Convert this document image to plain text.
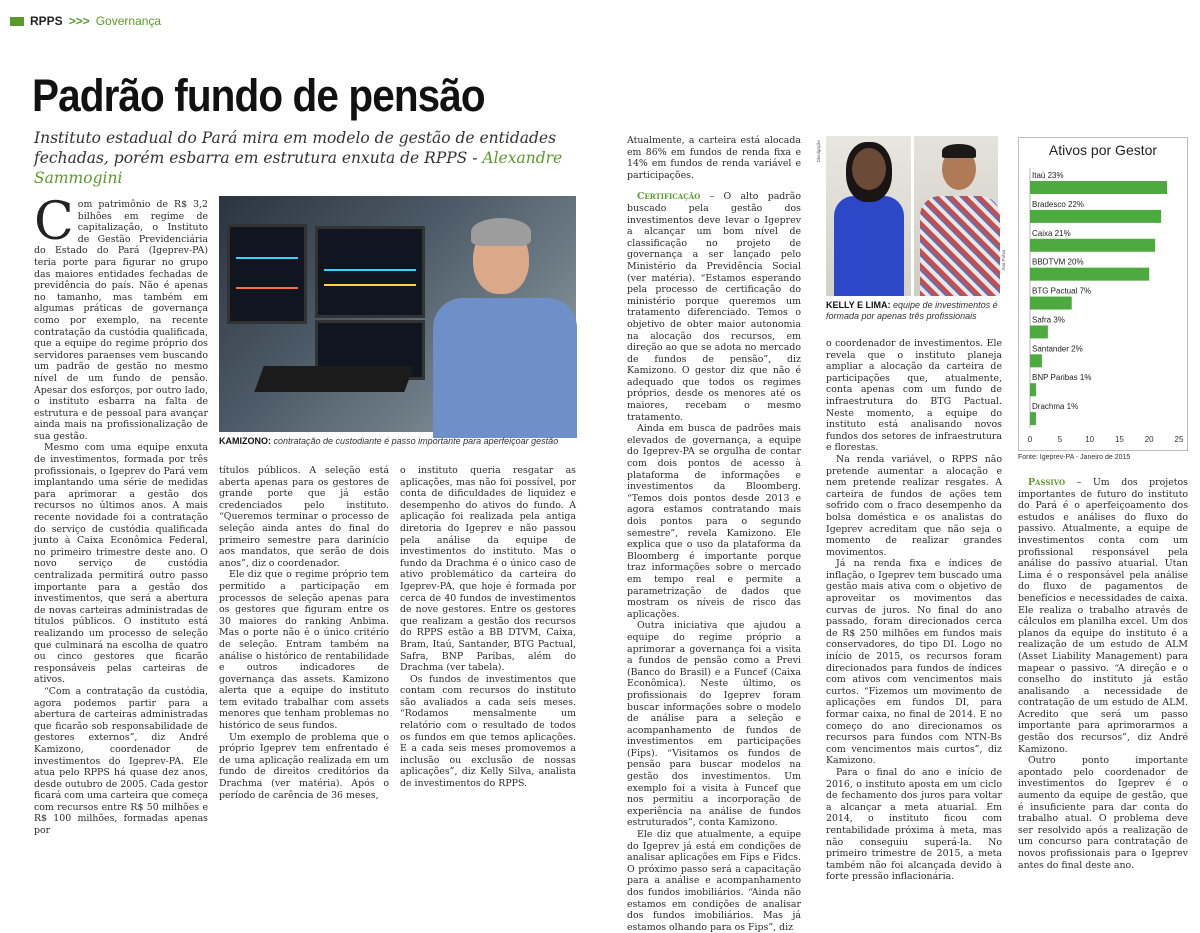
RPPS >>> Governança
Padrão fundo de pensão
Instituto estadual do Pará mira em modelo de gestão de entidades fechadas, porém esbarra em estrutura enxuta de RPPS - Alexandre Sammogini
C om patrimônio de R$ 3,2 bilhões em regime de capitalização, o Instituto de Gestão Previdenciária do Estado do Pará (Igeprev-PA) teria porte para figurar no grupo das maiores entidades fechadas de previdência do país. Não é apenas no tamanho, mas também em algumas práticas de governança como por exemplo, na recente contratação da custódia qualificada, que a equipe do regime próprio dos servidores paraenses vem buscando um padrão de gestão no mesmo nível de um fundo de pensão. Apesar dos esforços, por outro lado, o instituto esbarra na falta de estrutura e de pessoal para avançar ainda mais na profissionalização de sua gestão.

Mesmo com uma equipe enxuta de investimentos, formada por três profissionais, o Igeprev do Pará vem implantando uma série de medidas para aprimorar a gestão dos recursos no últimos anos. A mais recente novidade foi a contratação do serviço de custódia qualificada junto à Caixa Econômica Federal, no primeiro trimestre deste ano. O novo serviço de custódia centralizada permitirá outro passo importante para a gestão dos investimentos, que será a abertura de novas carteiras administradas de títulos públicos. O instituto está realizando um processo de seleção que culminará na escolha de quatro ou cinco gestores que ficarão responsáveis pelas carteiras de ativos.

“Com a contratação da custódia, agora podemos partir para a abertura de carteiras administradas que ficarão sob responsabilidade de gestores externos”, diz André Kamizono, coordenador de investimentos do Igeprev-PA. Ele atua pelo RPPS há quase dez anos, desde outubro de 2005. Cada gestor ficará com uma carteira que começa com recursos entre R$ 50 milhões e R$ 100 milhões, formadas apenas por

KAMIZONO: contratação de custodiante é passo importante para aperfeiçoar gestão

títulos públicos. A seleção está aberta apenas para os gestores de grande porte que já estão credenciados pelo instituto. “Queremos terminar o processo de seleção ainda antes do final do primeiro semestre para darinício aos mandatos, que serão de dois anos”, diz o coordenador.

Ele diz que o regime próprio tem permitido a participação em processos de seleção apenas para os gestores que figuram entre os 30 maiores do ranking Anbima. Mas o porte não é o único critério de seleção. Entram também na análise o histórico de rentabilidade e outros indicadores de governança das assets. Kamizono alerta que a equipe do instituto tem evitado trabalhar com assets menores que tenham problemas no histórico de seus fundos.

Um exemplo de problema que o próprio Igeprev tem enfrentado é de uma aplicação realizada em um fundo de direitos creditórios da Drachma (ver matéria). Após o período de carência de 36 meses,

o instituto queria resgatar as aplicações, mas não foi possível, por conta de dificuldades de liquidez e desempenho do ativos do fundo. A aplicação foi realizada pela antiga diretoria do Igeprev e não passou pela análise da equipe de investimentos do instituto. Mas o fundo da Drachma é o único caso de ativo problemático da carteira do Igeprev-PA, que hoje é formada por cerca de 40 fundos de investimentos de nove gestores. Entre os gestores que realizam a gestão dos recursos do RPPS estão a BB DTVM, Caixa, Bram, Itaú, Santander, BTG Pactual, Safra, BNP Paribas, além do Drachma (ver tabela).

Os fundos de investimentos que contam com recursos do instituto são avaliados a cada seis meses. “Rodamos mensalmente um relatório com o resultado de todos os fundos em que temos aplicações. E a cada seis meses promovemos a inclusão ou exclusão de nossas aplicações”, diz Kelly Silva, analista de investimentos do RPPS.

Atualmente, a carteira está alocada em 86% em fundos de renda fixa e 14% em fundos de renda variável e participações.

Certificação – O alto padrão buscado pela gestão dos investimentos deve levar o Igeprev a alcançar um bom nível de classificação no projeto de governança a ser lançado pelo Ministério da Previdência Social (ver matéria). “Estamos esperando pela processo de certificação do ministério porque queremos um tratamento diferenciado. Temos o objetivo de obter maior autonomia na alocação dos recursos, em direção ao que se adota no mercado de fundos de pensão”, diz Kamizono. O gestor diz que não é adequado que todos os regimes próprios, desde os menores até os maiores, recebam o mesmo tratamento.

Ainda em busca de padrões mais elevados de governança, a equipe do Igeprev-PA se orgulha de contar com dois pontos de acesso à plataforma de informações e investimentos da Bloomberg. “Temos dois pontos desde 2013 e agora estamos contratando mais dois pontos para o segundo semestre”, revela Kamizono. Ele explica que o uso da plataforma da Bloomberg é importante porque traz informações sobre o mercado em tempo real e permite a parametrização de dados que mostram os níveis de risco das aplicações.

Outra iniciativa que ajudou a equipe do regime próprio a aprimorar a governança foi a visita a fundos de pensão como a Previ (Banco do Brasil) e a Funcef (Caixa Econômica). Neste último, os profissionais do Igeprev foram buscar informações sobre o modelo de análise para a seleção e acompanhamento de fundos de investimentos em participações (Fips). “Visitamos os fundos de pensão para buscar modelos na gestão dos investimentos. Um exemplo foi a visita à Funcef que nos permitiu a incorporação de experiência na análise de fundos estruturados”, conta Kamizono.

Ele diz que atualmente, a equipe do Igeprev já está em condições de analisar aplicações em Fips e Fidcs. O próximo passo será a capacitação para a análise e acompanhamento dos fundos imobiliários. “Ainda não estamos em condições de analisar dos fundos imobiliários. Mas já estamos olhando para os Fips”, diz

Divulgação
Ana Pulsa
KELLY E LIMA: equipe de investimentos é formada por apenas três profissionais

o coordenador de investimentos. Ele revela que o instituto planeja ampliar a alocação da carteira de participações que, atualmente, conta apenas com um fundo de infraestrutura do BTG Pactual. Neste momento, a equipe do instituto está analisando novos fundos dos setores de infraestrutura e florestas.

Na renda variável, o RPPS não pretende aumentar a alocação e nem pretende realizar resgates. A carteira de fundos de ações tem sofrido com o fraco desempenho da bolsa doméstica e os analistas do Igeprev acreditam que não seja o momento de realizar grandes movimentos.

Já na renda fixa e índices de inflação, o Igeprev tem buscado uma gestão mais ativa com o objetivo de aproveitar os movimentos das curvas de juros. No final do ano passado, foram direcionados cerca de R$ 250 milhões em fundos mais conservadores, do tipo DI. Logo no início de 2015, os recursos foram direcionados para fundos de índices com ativos com vencimentos mais curtos. “Fizemos um movimento de aplicações em fundos DI, para formar caixa, no final de 2014. E no começo do ano direcionamos os recursos para fundos com NTN-Bs com vencimentos mais curtos”, diz Kamizono.

Para o final do ano e início de 2016, o instituto aposta em um ciclo de fechamento dos juros para voltar a alcançar a meta atuarial. Em 2014, o instituto ficou com rentabilidade próxima à meta, mas não conseguiu superá-la. No primeiro trimestre de 2015, a meta também não foi alcançada devido à forte pressão inflacionária.

Ativos por Gestor
Itaú 23%
Bradesco 22%
Caixa 21%
BBDTVM 20%
BTG Pactual 7%
Safra 3%
Santander 2%
BNP Paribas 1%
Drachma 1%
0	5	10	15	20	25
Fonte: Igeprev-PA - Janeiro de 2015

Passivo – Um dos projetos importantes de futuro do instituto do Pará é o aperfeiçoamento dos estudos e análises do fluxo do passivo. Atualmente, a equipe de investimentos conta com um profissional responsável pela análise do passivo atuarial. Utan Lima é o responsável pela análise do fluxo de pagamentos de benefícios e necessidades de caixa. Ele realiza o trabalho através de cálculos em planilha excel. Um dos planos da equipe do instituto é a realização de um estudo de ALM (Asset Liability Management) para mapear o passivo. “A direção e o conselho do instituto já estão analisando a necessidade de contratação de um estudo de ALM. Acredito que será um passo importante para aprimorarmos a gestão dos recursos”, diz André Kamizono.

Outro ponto importante apontado pelo coordenador de investimentos do Igeprev é o aumento da equipe de gestão, que é insuficiente para dar conta do trabalho atual. O problema deve ser resolvido após a realização de um concurso para contratação de novos profissionais para o Igeprev antes do final deste ano.
